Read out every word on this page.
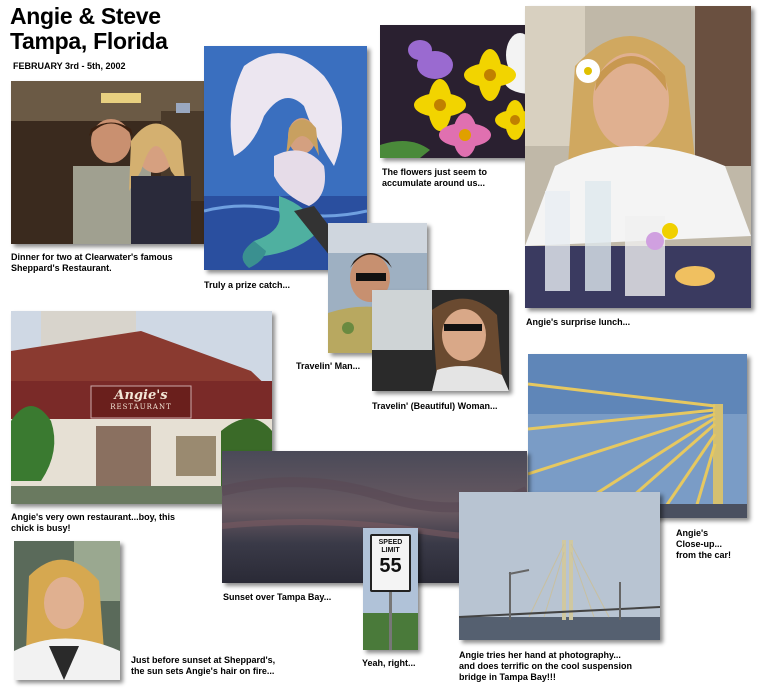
Angie & Steve
Tampa, Florida
FEBRUARY 3rd - 5th, 2002
Dinner for two at Clearwater's famous
Sheppard's Restaurant.
Truly a prize catch...
The flowers just seem to
accumulate around us...
Angie's surprise lunch...
Travelin' Man...
Travelin' (Beautiful) Woman...
Angie's
RESTAURANT
Angie's very own restaurant...boy, this
chick is busy!	Angie's
Close-up...
from the car!
Sunset over Tampa Bay...
SPEED
LIMIT
55
Yeah, right...
Angie tries her hand at photography...
and does terrific on the cool suspension
bridge in Tampa Bay!!!
Just before sunset at Sheppard's,
the sun sets Angie's hair on fire...
